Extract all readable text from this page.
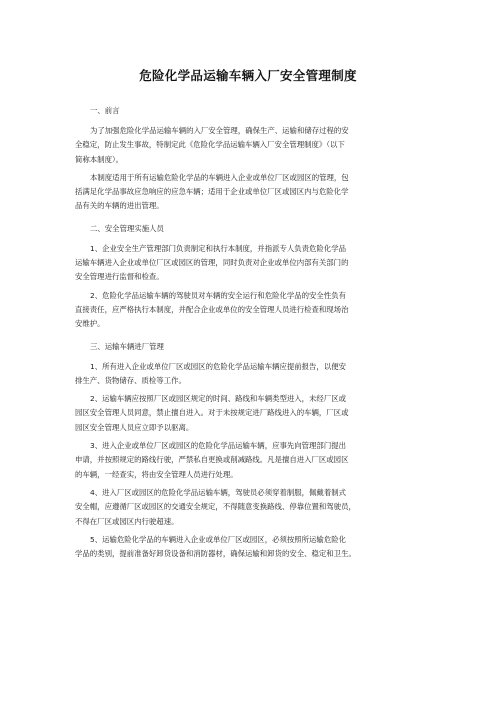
危险化学品运输车辆入厂安全管理制度
一、前言
为了加强危险化学品运输车辆的入厂安全管理，确保生产、运输和储存过程的安
全稳定，防止发生事故，特制定此《危险化学品运输车辆入厂安全管理制度》（以下
简称本制度）。
本制度适用于所有运输危险化学品的车辆进入企业或单位厂区或园区的管理，包
括满足化学品事故应急响应的应急车辆；适用于企业或单位厂区或园区内与危险化学
品有关的车辆的进出管理。
二、安全管理实施人员
1、企业安全生产管理部门负责制定和执行本制度，并指派专人负责危险化学品
运输车辆进入企业或单位厂区或园区的管理，同时负责对企业或单位内部有关部门的
安全管理进行监督和检查。
2、危险化学品运输车辆的驾驶员对车辆的安全运行和危险化学品的安全性负有
直接责任，应严格执行本制度，并配合企业或单位的安全管理人员进行检查和现场治
安维护。
三、运输车辆进厂管理
1、所有进入企业或单位厂区或园区的危险化学品运输车辆应提前报告，以便安
排生产、货物储存、质检等工作。
2、运输车辆应按照厂区或园区规定的时间、路线和车辆类型进入，未经厂区或
园区安全管理人员同意，禁止擅自进入。对于未按规定进厂路线进入的车辆，厂区或
园区安全管理人员应立即予以驱离。
3、进入企业或单位厂区或园区的危险化学品运输车辆，应事先向管理部门提出
申请，并按照规定的路线行驶，严禁私自更换或削减路线。凡是擅自进入厂区或园区
的车辆，一经查实，将由安全管理人员进行处理。
4、进入厂区或园区的危险化学品运输车辆，驾驶员必须穿着制服，佩戴着制式
安全帽，应遵循厂区或园区的交通安全规定，不得随意变换路线、停靠位置和驾驶员，
不得在厂区或园区内行驶超速。
5、运输危险化学品的车辆进入企业或单位厂区或园区，必须按照所运输危险化
学品的类别，提前准备好卸货设备和消防器材，确保运输和卸货的安全、稳定和卫生。
